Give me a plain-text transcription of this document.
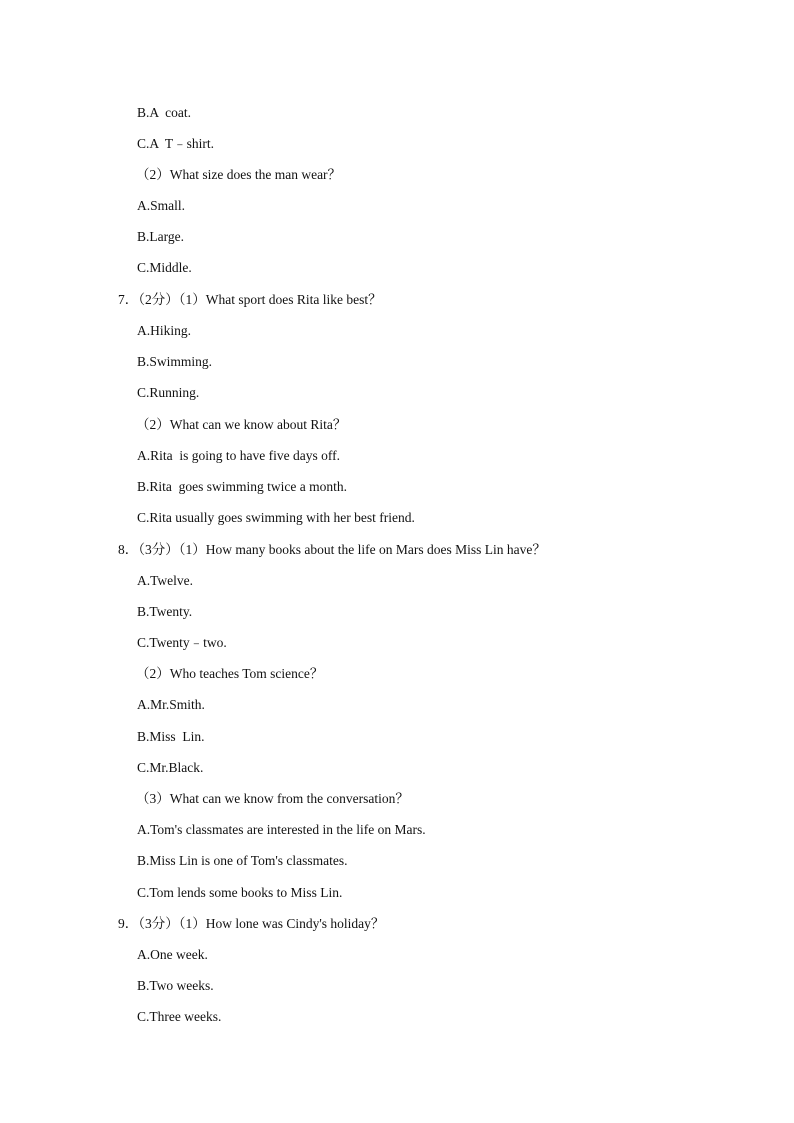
B.A  coat.
C.A  T﹣shirt.
（2）What size does the man wear？
A.Small.
B.Large.
C.Middle.
7．（2分）（1）What sport does Rita like best？
A.Hiking.
B.Swimming.
C.Running.
（2）What can we know about Rita？
A.Rita  is going to have five days off.
B.Rita  goes swimming twice a month.
C.Rita usually goes swimming with her best friend.
8．（3分）（1）How many books about the life on Mars does Miss Lin have？
A.Twelve.
B.Twenty.
C.Twenty﹣two.
（2）Who teaches Tom science？
A.Mr.Smith.
B.Miss  Lin.
C.Mr.Black.
（3）What can we know from the conversation？
A.Tom's classmates are interested in the life on Mars.
B.Miss Lin is one of Tom's classmates.
C.Tom lends some books to Miss Lin.
9．（3分）（1）How lone was Cindy's holiday？
A.One week.
B.Two weeks.
C.Three weeks.
